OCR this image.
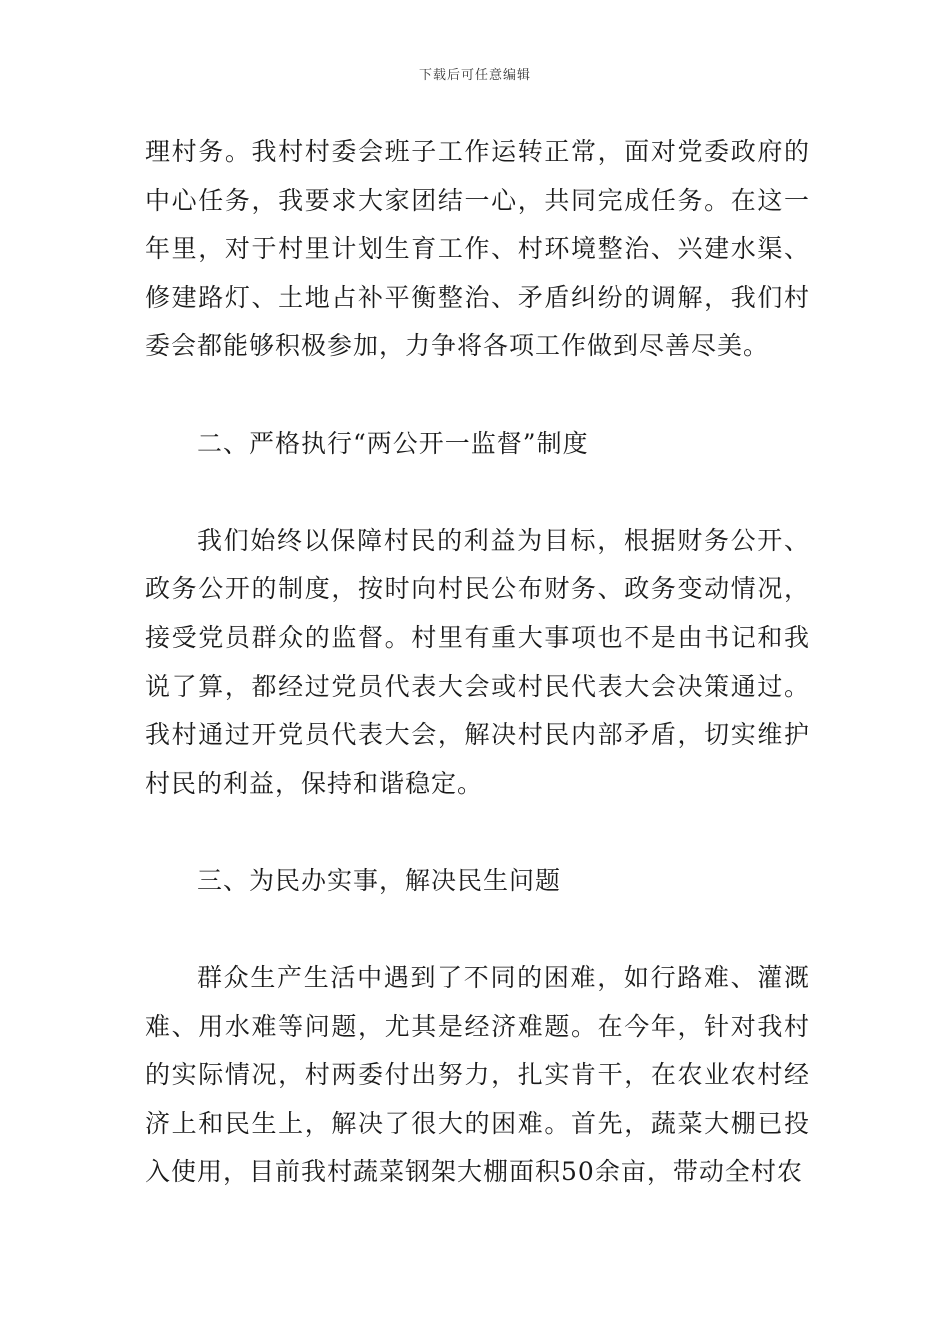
下载后可任意编辑

理村务。我村村委会班子工作运转正常，面对党委政府的中心任务，我要求大家团结一心，共同完成任务。在这一年里，对于村里计划生育工作、村环境整治、兴建水渠、修建路灯、土地占补平衡整治、矛盾纠纷的调解，我们村委会都能够积极参加，力争将各项工作做到尽善尽美。

二、严格执行“两公开一监督”制度

我们始终以保障村民的利益为目标，根据财务公开、政务公开的制度，按时向村民公布财务、政务变动情况，接受党员群众的监督。村里有重大事项也不是由书记和我说了算，都经过党员代表大会或村民代表大会决策通过。我村通过开党员代表大会，解决村民内部矛盾，切实维护村民的利益，保持和谐稳定。

三、为民办实事，解决民生问题

群众生产生活中遇到了不同的困难，如行路难、灌溉难、用水难等问题，尤其是经济难题。在今年，针对我村的实际情况，村两委付出努力，扎实肯干，在农业农村经济上和民生上，解决了很大的困难。首先，蔬菜大棚已投入使用，目前我村蔬菜钢架大棚面积50余亩，带动全村农
